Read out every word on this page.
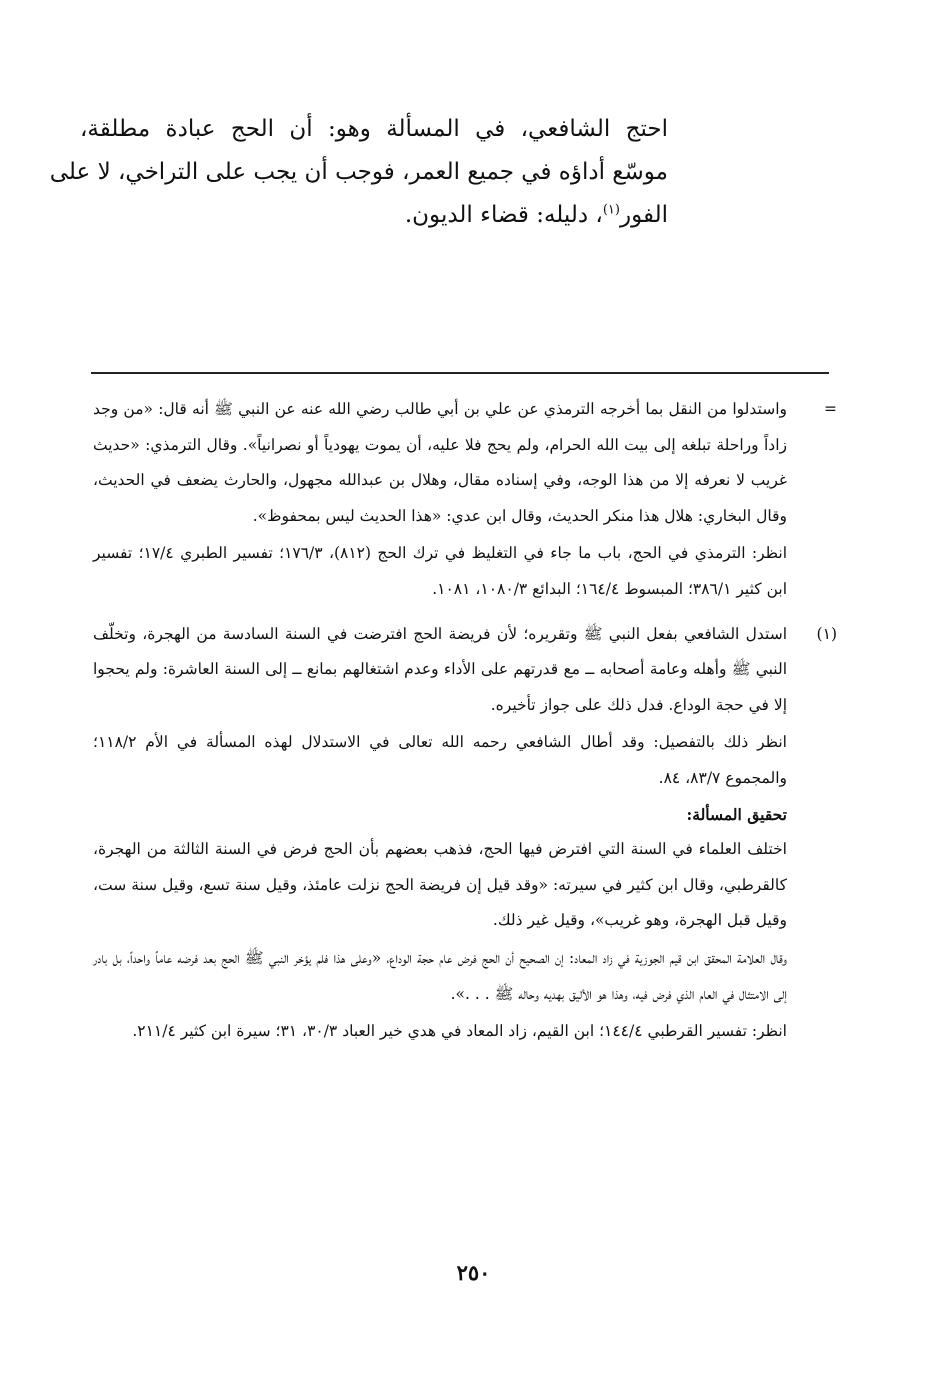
احتج الشافعي، في المسألة وهو: أن الحج عبادة مطلقة،
موسّع أداؤه في جميع العمر، فوجب أن يجب على التراخي، لا على
الفور$^{(١)}$، دليله: قضاء الديون.

=

واستدلوا من النقل بما أخرجه الترمذي عن علي بن أبي طالب رضي الله عنه عن النبي ﷺ أنه قال: «من وجد زاداً وراحلة تبلغه إلى بيت الله الحرام، ولم يحج فلا عليه، أن يموت يهودياً أو نصرانياً». وقال الترمذي: «حديث غريب لا نعرفه إلا من هذا الوجه، وفي إسناده مقال، وهلال بن عبدالله مجهول، والحارث يضعف في الحديث، وقال البخاري: هلال هذا منكر الحديث، وقال ابن عدي: «هذا الحديث ليس بمحفوظ».

انظر: الترمذي في الحج، باب ما جاء في التغليظ في ترك الحج (٨١٢)، ١٧٦/٣؛ تفسير الطبري ١٧/٤؛ تفسير ابن كثير ٣٨٦/١؛ المبسوط ١٦٤/٤؛ البدائع ١٠٨٠/٣، ١٠٨١.

(١)

استدل الشافعي بفعل النبي ﷺ وتقريره؛ لأن فريضة الحج افترضت في السنة السادسة من الهجرة، وتخلّف النبي ﷺ وأهله وعامة أصحابه ــ مع قدرتهم على الأداء وعدم اشتغالهم بمانع ــ إلى السنة العاشرة: ولم يحجوا إلا في حجة الوداع. فدل ذلك على جواز تأخيره.

انظر ذلك بالتفصيل: وقد أطال الشافعي رحمه الله تعالى في الاستدلال لهذه المسألة في الأم ١١٨/٢؛ والمجموع ٨٣/٧، ٨٤.

تحقيق المسألة:

اختلف العلماء في السنة التي افترض فيها الحج، فذهب بعضهم بأن الحج فرض في السنة الثالثة من الهجرة، كالقرطبي، وقال ابن كثير في سيرته: «وقد قيل إن فريضة الحج نزلت عامئذ، وقيل سنة تسع، وقيل سنة ست، وقيل قبل الهجرة، وهو غريب»، وقيل غير ذلك.

وقال العلامة المحقق ابن قيم الجوزية في زاد المعاد: إن الصحيح أن الحج فرض عام حجة الوداع، «وعلى هذا فلم يؤخر النبي ﷺ الحج بعد فرضه عاماً واحداً، بل بادر إلى الامتثال في العام الذي فرض فيه، وهذا هو الأليق بهديه وحاله ﷺ . . .».

انظر: تفسير القرطبي ١٤٤/٤؛ ابن القيم، زاد المعاد في هدي خير العباد ٣٠/٣، ٣١؛ سيرة ابن كثير ٢١١/٤.

٢٥٠
